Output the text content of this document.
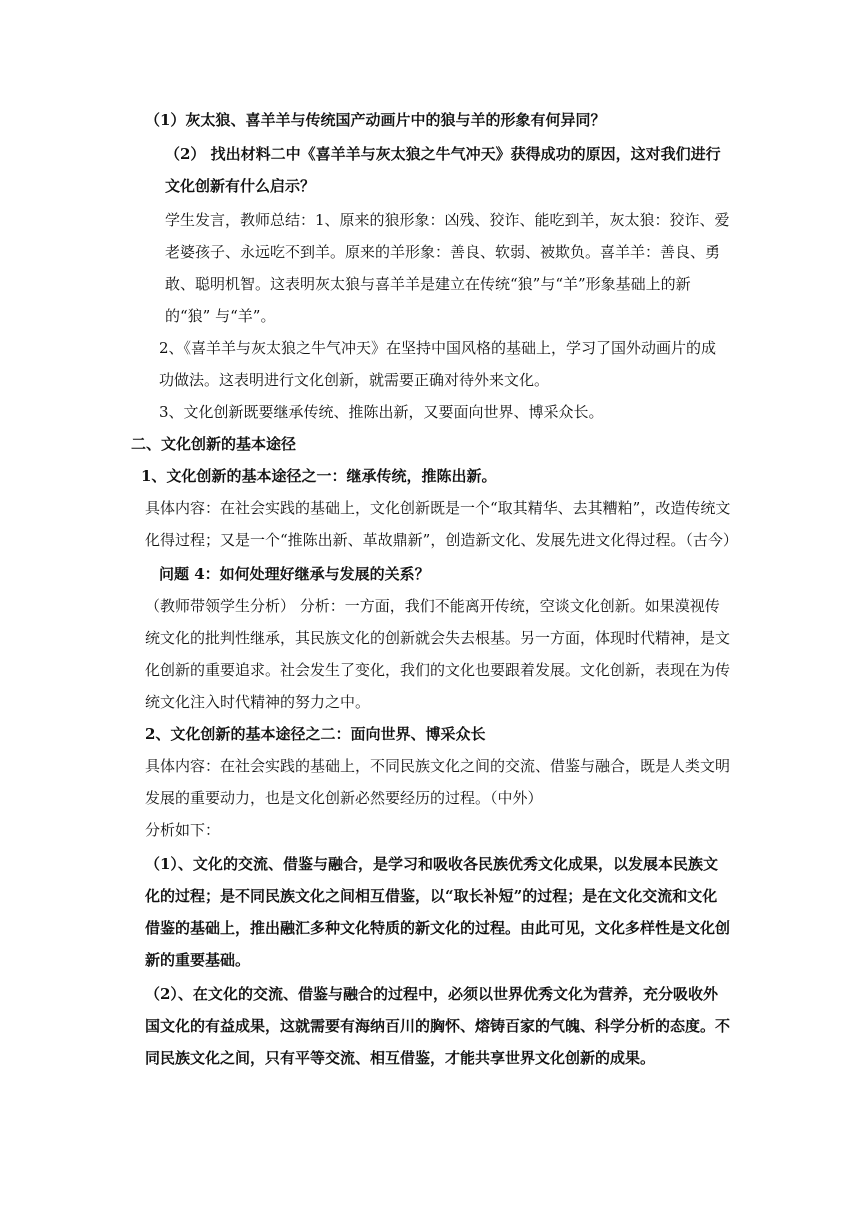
（1）灰太狼、喜羊羊与传统国产动画片中的狼与羊的形象有何异同？

（2） 找出材料二中《喜羊羊与灰太狼之牛气冲天》获得成功的原因，这对我们进行文化创新有什么启示？

学生发言，教师总结：1、原来的狼形象：凶残、狡诈、能吃到羊，灰太狼：狡诈、爱老婆孩子、永远吃不到羊。原来的羊形象：善良、软弱、被欺负。喜羊羊：善良、勇敢、聪明机智。这表明灰太狼与喜羊羊是建立在传统“狼”与“羊”形象基础上的新的“狼” 与“羊”。

2、《喜羊羊与灰太狼之牛气冲天》在坚持中国风格的基础上，学习了国外动画片的成功做法。这表明进行文化创新，就需要正确对待外来文化。

3、文化创新既要继承传统、推陈出新，又要面向世界、博采众长。

二、文化创新的基本途径

1、文化创新的基本途径之一：继承传统，推陈出新。

具体内容：在社会实践的基础上，文化创新既是一个“取其精华、去其糟粕”，改造传统文化得过程；又是一个“推陈出新、革故鼎新”，创造新文化、发展先进文化得过程。（古今）

问题 4：如何处理好继承与发展的关系？

（教师带领学生分析） 分析：一方面，我们不能离开传统，空谈文化创新。如果漠视传统文化的批判性继承，其民族文化的创新就会失去根基。另一方面，体现时代精神，是文化创新的重要追求。社会发生了变化，我们的文化也要跟着发展。文化创新，表现在为传统文化注入时代精神的努力之中。

2、文化创新的基本途径之二：面向世界、博采众长

具体内容：在社会实践的基础上，不同民族文化之间的交流、借鉴与融合，既是人类文明发展的重要动力，也是文化创新必然要经历的过程。（中外）

分析如下：

（1）、文化的交流、借鉴与融合，是学习和吸收各民族优秀文化成果，以发展本民族文化的过程；是不同民族文化之间相互借鉴，以“取长补短”的过程；是在文化交流和文化借鉴的基础上，推出融汇多种文化特质的新文化的过程。由此可见，文化多样性是文化创新的重要基础。

（2）、在文化的交流、借鉴与融合的过程中，必须以世界优秀文化为营养，充分吸收外国文化的有益成果，这就需要有海纳百川的胸怀、熔铸百家的气魄、科学分析的态度。不同民族文化之间，只有平等交流、相互借鉴，才能共享世界文化创新的成果。
